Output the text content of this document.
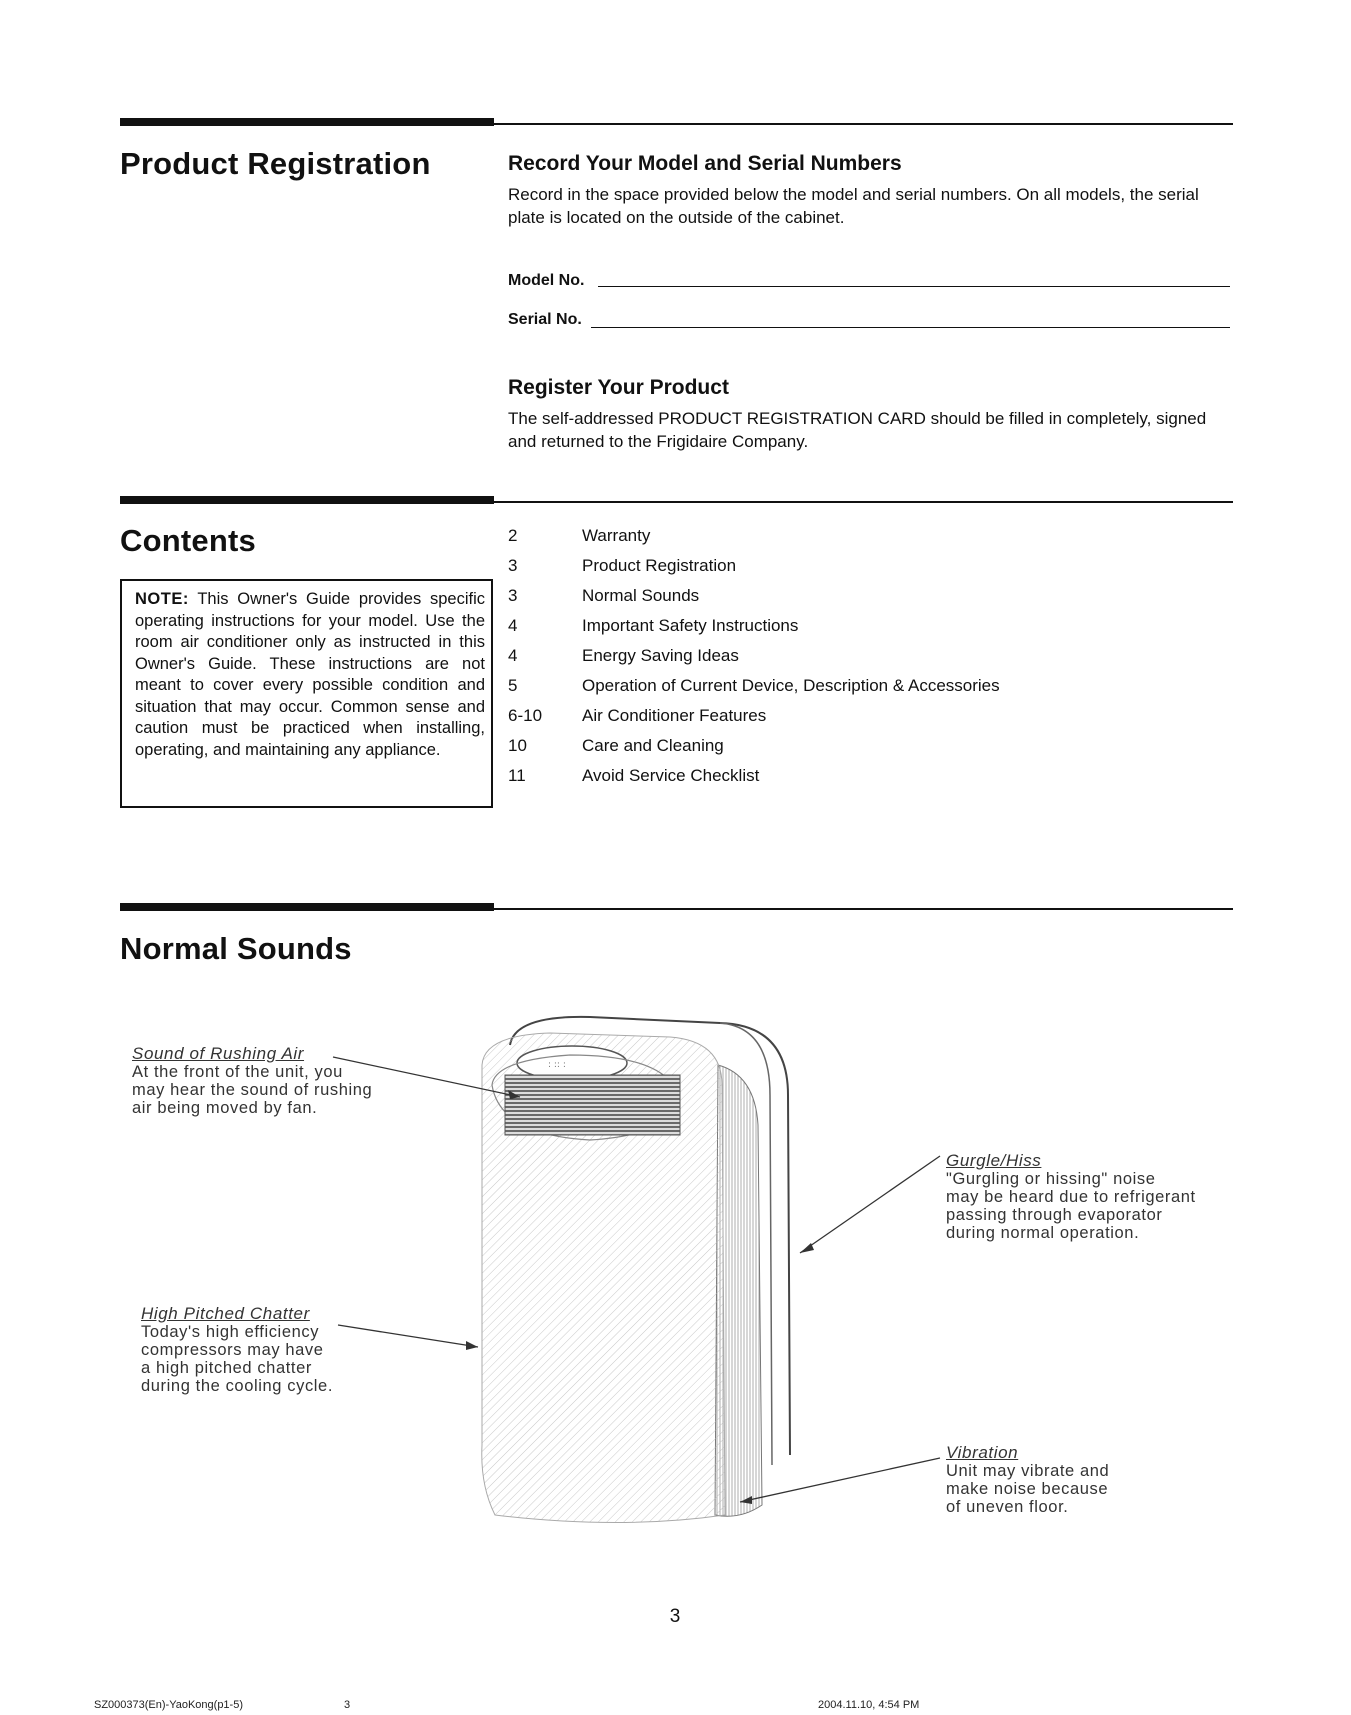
Product Registration	Record Your Model and Serial Numbers
Record in the space provided below the model and serial numbers. On all models, the serial
plate is located on the outside of the cabinet.
Model No.
Serial No.
Register Your Product
The self-addressed PRODUCT REGISTRATION CARD should be filled in completely, signed
and returned to the Frigidaire Company.
Contents
NOTE: This Owner's Guide provides specific operating instructions for your model. Use the room air conditioner only as instructed in this Owner's Guide. These instructions are not meant to cover every possible condition and situation that may occur. Common sense and caution must be practiced when installing, operating, and maintaining any appliance.
2	Warranty
3	Product Registration
3	Normal Sounds
4	Important Safety Instructions
4	Energy Saving Ideas
5	Operation of Current Device, Description & Accessories
6-10	Air Conditioner Features
10	Care and Cleaning
11	Avoid Service Checklist
Normal Sounds
: :: :
Sound of Rushing Air
At the front of the unit, you
may hear the sound of rushing
air being moved by fan.
High Pitched Chatter
Today's high efficiency
compressors may have
a high pitched chatter
during the cooling cycle.
Gurgle/Hiss
"Gurgling or hissing" noise
may be heard due to refrigerant
passing through evaporator
during normal operation.
Vibration
Unit may vibrate and
make noise because
of uneven floor.
3
SZ000373(En)-YaoKong(p1-5)	3	2004.11.10, 4:54 PM
